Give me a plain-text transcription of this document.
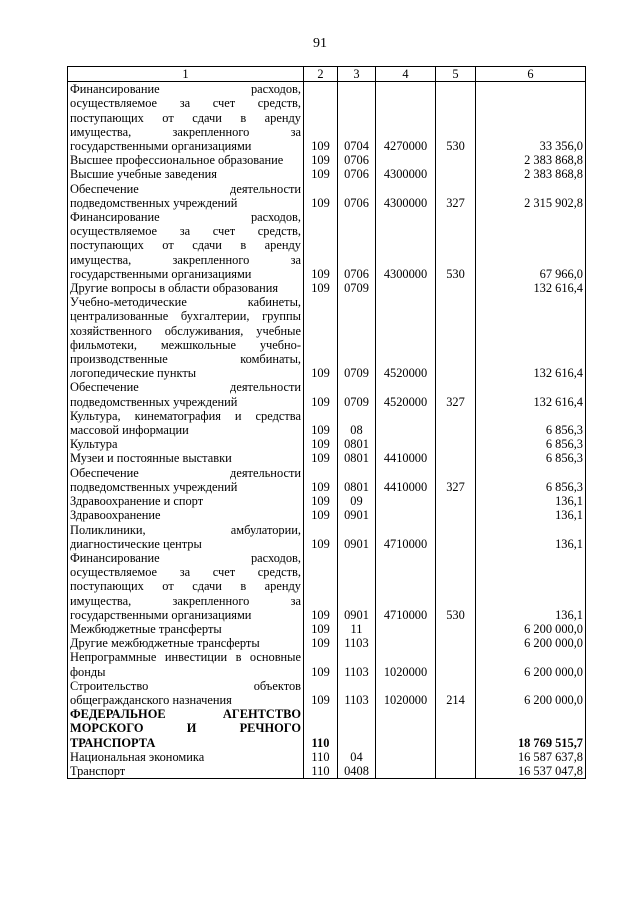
91
1	2	3	4	5	6
Финансирование расходов, осуществляемое за счет средств, поступающих от сдачи в аренду имущества, закрепленного за государственными организациями	109	0704	4270000	530	33 356,0
Высшее профессиональное образование	109	0706			2 383 868,8
Высшие учебные заведения	109	0706	4300000		2 383 868,8
Обеспечение деятельности подведомственных учреждений	109	0706	4300000	327	2 315 902,8
Финансирование расходов, осуществляемое за счет средств, поступающих от сдачи в аренду имущества, закрепленного за государственными организациями	109	0706	4300000	530	67 966,0
Другие вопросы в области образования	109	0709			132 616,4
Учебно-методические кабинеты, централизованные бухгалтерии, группы хозяйственного обслуживания, учебные фильмотеки, межшкольные учебно-производственные комбинаты, логопедические пункты	109	0709	4520000		132 616,4
Обеспечение деятельности подведомственных учреждений	109	0709	4520000	327	132 616,4
Культура, кинематография и средства массовой информации	109	08			6 856,3
Культура	109	0801			6 856,3
Музеи и постоянные выставки	109	0801	4410000		6 856,3
Обеспечение деятельности подведомственных учреждений	109	0801	4410000	327	6 856,3
Здравоохранение и спорт	109	09			136,1
Здравоохранение	109	0901			136,1
Поликлиники, амбулатории, диагностические центры	109	0901	4710000		136,1
Финансирование расходов, осуществляемое за счет средств, поступающих от сдачи в аренду имущества, закрепленного за государственными организациями	109	0901	4710000	530	136,1
Межбюджетные трансферты	109	11			6 200 000,0
Другие межбюджетные трансферты	109	1103			6 200 000,0
Непрограммные инвестиции в основные фонды	109	1103	1020000		6 200 000,0
Строительство объектов общегражданского назначения	109	1103	1020000	214	6 200 000,0
ФЕДЕРАЛЬНОЕ АГЕНТСТВО МОРСКОГО И РЕЧНОГО ТРАНСПОРТА	110				18 769 515,7
Национальная экономика	110	04			16 587 637,8
Транспорт	110	0408			16 537 047,8
